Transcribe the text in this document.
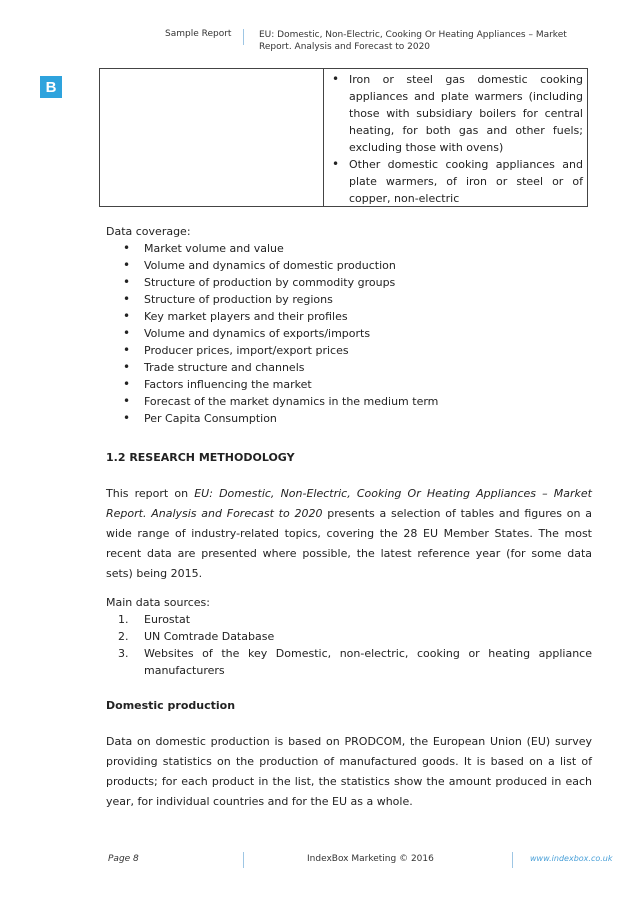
Sample Report	EU: Domestic, Non-Electric, Cooking Or Heating Appliances – Market
Report. Analysis and Forecast to 2020
B
•	Iron or steel gas domestic cooking appliances and plate warmers (including those with subsidiary boilers for central heating, for both gas and other fuels; excluding those with ovens)
• Other domestic cooking appliances and plate warmers, of iron or steel or of copper, non-electric

Data coverage:

• Market volume and value
• Volume and dynamics of domestic production
• Structure of production by commodity groups
• Structure of production by regions
• Key market players and their profiles
• Volume and dynamics of exports/imports
• Producer prices, import/export prices
• Trade structure and channels
• Factors influencing the market
• Forecast of the market dynamics in the medium term
• Per Capita Consumption

1.2 RESEARCH METHODOLOGY

This report on EU: Domestic, Non-Electric, Cooking Or Heating Appliances – Market Report. Analysis and Forecast to 2020 presents a selection of tables and figures on a wide range of industry-related topics, covering the 28 EU Member States. The most recent data are presented where possible, the latest reference year (for some data sets) being 2015.

Main data sources:

1. Eurostat
2. UN Comtrade Database
3. Websites of the key Domestic, non-electric, cooking or heating appliance manufacturers

Domestic production

Data on domestic production is based on PRODCOM, the European Union (EU) survey providing statistics on the production of manufactured goods. It is based on a list of products; for each product in the list, the statistics show the amount produced in each year, for individual countries and for the EU as a whole.

Page 8	IndexBox Marketing © 2016	www.indexbox.co.uk
